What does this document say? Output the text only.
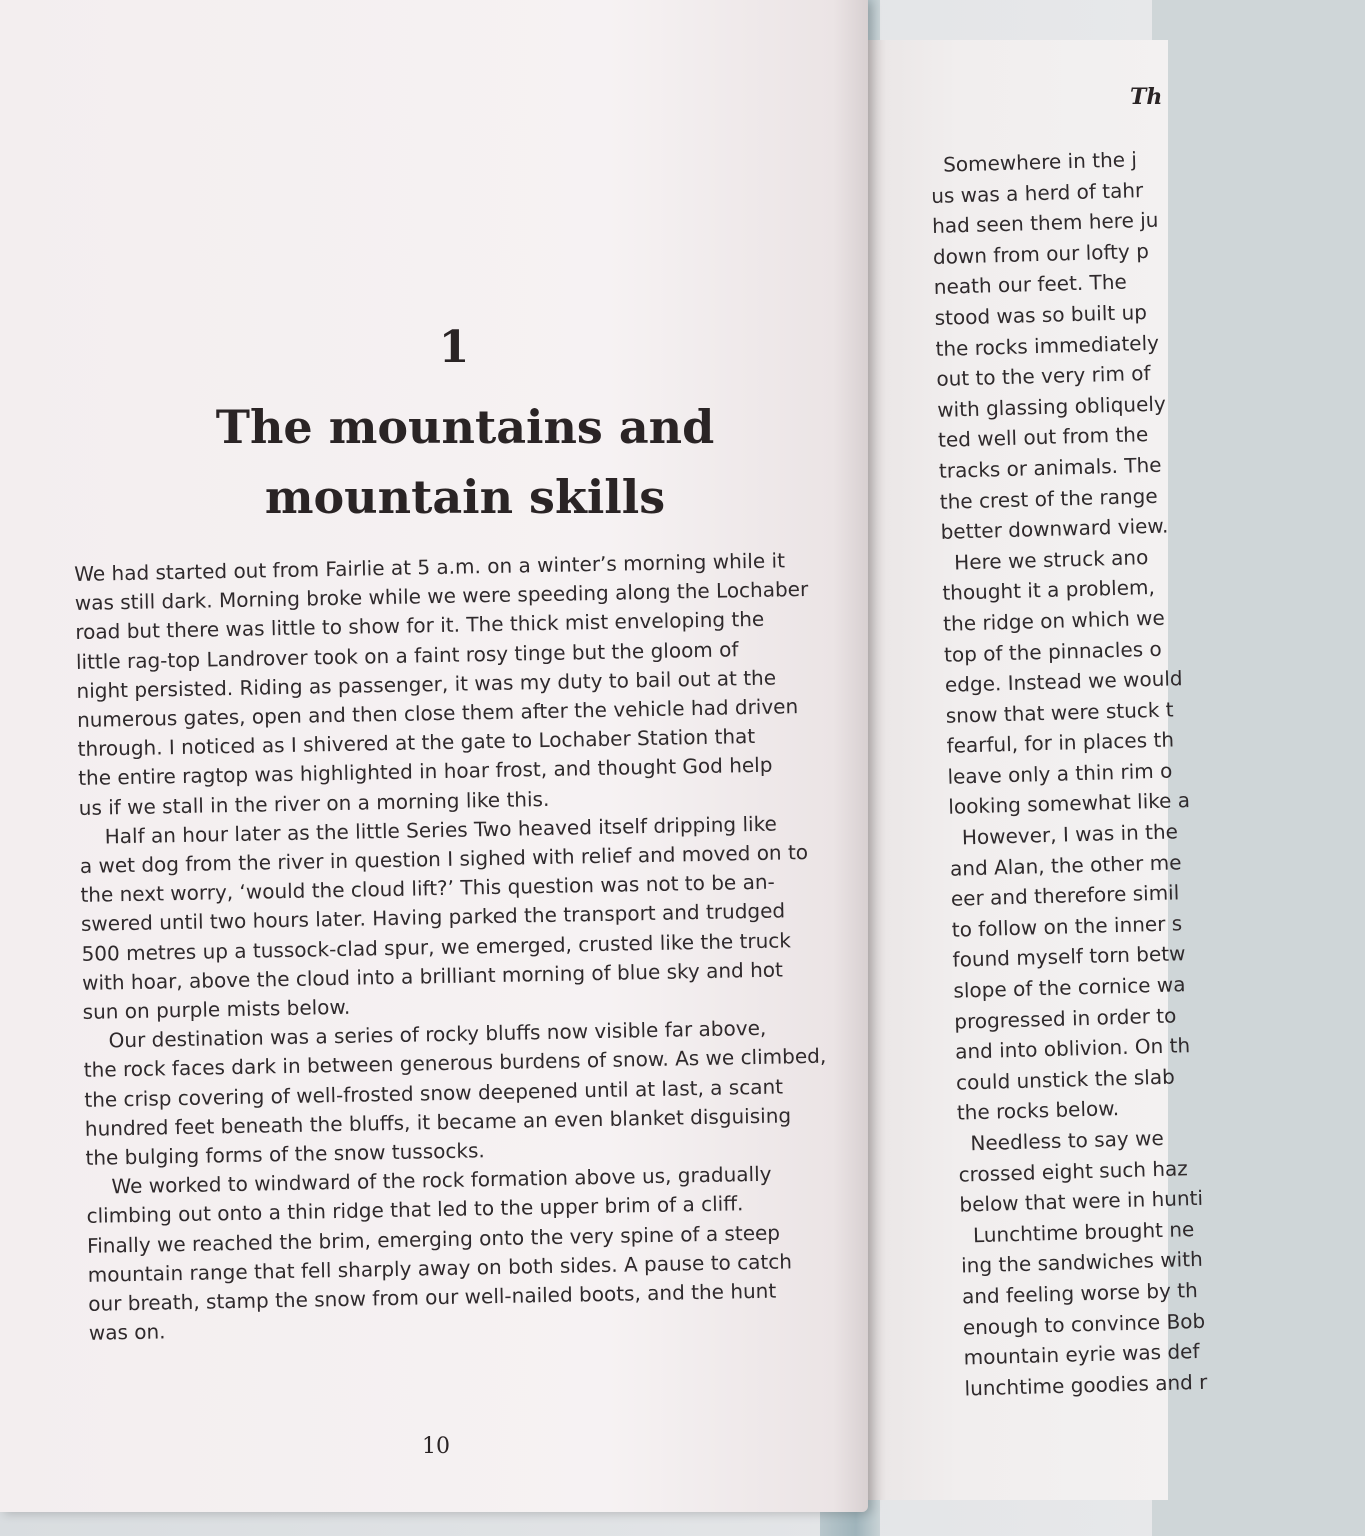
Th
Somewhere in the j
us was a herd of tahr
had seen them here ju
down from our lofty p
neath our feet. The
stood was so built up
the rocks immediately
out to the very rim of
with glassing obliquely
ted well out from the
tracks or animals. The
the crest of the range
better downward view.
Here we struck ano
thought it a problem,
the ridge on which we
top of the pinnacles o
edge. Instead we would
snow that were stuck t
fearful, for in places th
leave only a thin rim o
looking somewhat like a
However, I was in the
and Alan, the other me
eer and therefore simil
to follow on the inner s
found myself torn betw
slope of the cornice wa
progressed in order to
and into oblivion. On th
could unstick the slab
the rocks below.
Needless to say we
crossed eight such haz
below that were in hunti
Lunchtime brought ne
ing the sandwiches with
and feeling worse by th
enough to convince Bob
mountain eyrie was def
lunchtime goodies and r
1
The mountains and
mountain skills
We had started out from Fairlie at 5 a.m. on a winter’s morning while it
was still dark. Morning broke while we were speeding along the Lochaber
road but there was little to show for it. The thick mist enveloping the
little rag-top Landrover took on a faint rosy tinge but the gloom of
night persisted. Riding as passenger, it was my duty to bail out at the
numerous gates, open and then close them after the vehicle had driven
through. I noticed as I shivered at the gate to Lochaber Station that
the entire ragtop was highlighted in hoar frost, and thought God help
us if we stall in the river on a morning like this.
Half an hour later as the little Series Two heaved itself dripping like
a wet dog from the river in question I sighed with relief and moved on to
the next worry, ‘would the cloud lift?’ This question was not to be an-
swered until two hours later. Having parked the transport and trudged
500 metres up a tussock-clad spur, we emerged, crusted like the truck
with hoar, above the cloud into a brilliant morning of blue sky and hot
sun on purple mists below.
Our destination was a series of rocky bluffs now visible far above,
the rock faces dark in between generous burdens of snow. As we climbed,
the crisp covering of well-frosted snow deepened until at last, a scant
hundred feet beneath the bluffs, it became an even blanket disguising
the bulging forms of the snow tussocks.
We worked to windward of the rock formation above us, gradually
climbing out onto a thin ridge that led to the upper brim of a cliff.
Finally we reached the brim, emerging onto the very spine of a steep
mountain range that fell sharply away on both sides. A pause to catch
our breath, stamp the snow from our well-nailed boots, and the hunt
was on.
10
